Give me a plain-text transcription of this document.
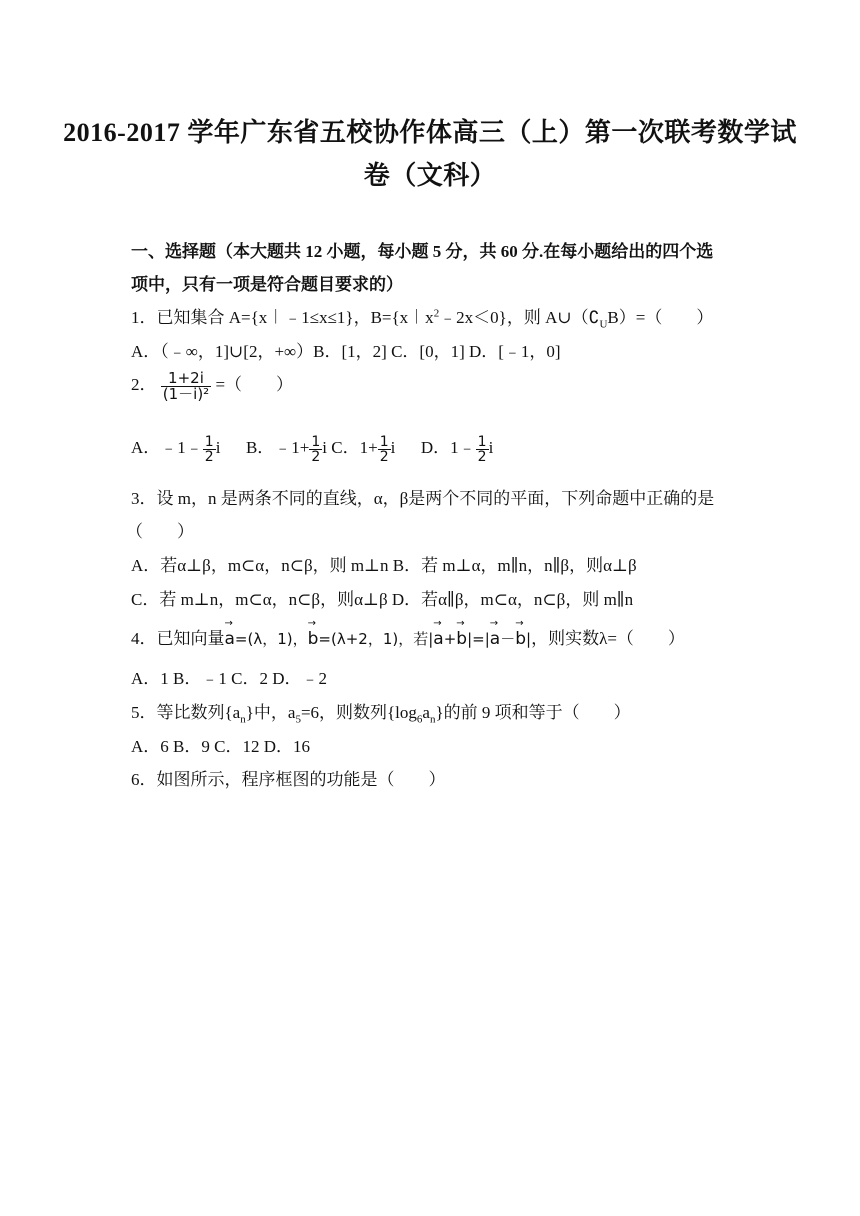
2016-2017 学年广东省五校协作体高三（上）第一次联考数学试
卷（文科）
一、选择题（本大题共 12 小题，每小题 5 分，共 60 分.在每小题给出的四个选
项中，只有一项是符合题目要求的）
1．已知集合 A={x︱﹣1≤x≤1}，$B=\{x︱x^2﹣2x<0\}$，则 $A\cup(∁_UB)=$（　　）
A．（﹣∞，1]∪[2，+∞）B．[1，2] C．[0，1] D．[﹣1，0]
2． $\frac{1+2i}{\text{(1－i)²}}$ =（　　）
A．﹣1﹣ $\frac{1}{2}$ i B．﹣1+ $\frac{1}{2}$ i C．$1+ \frac{1}{2}$ i D．1﹣ $\frac{1}{2}$ i
3．设 m，n 是两条不同的直线，α，β是两个不同的平面，下列命题中正确的是
（　　）
A．若α⊥β，m⊂α，n⊂β，则 m⊥n B．若 m⊥α，m∥n，n∥β，则α⊥β
C．若 m⊥n，m⊂α，n⊂β，则α⊥β D．若α∥β，m⊂α，n⊂β，则 m∥n
4．已知向量→ a=(λ，1)，→ b=(λ+2，1)，若|→ a+→ b|=|→ a－→ b|，则实数λ=（　　）
A．1 B．﹣1 C．2 D．﹣2
5．等比数列$\{a_n\}$中，$a_5=6$，则数列$\{\log_6a_n\}$的前 9 项和等于（　　）
A．6 B．9 C．12 D．16
6．如图所示，程序框图的功能是（　　）
